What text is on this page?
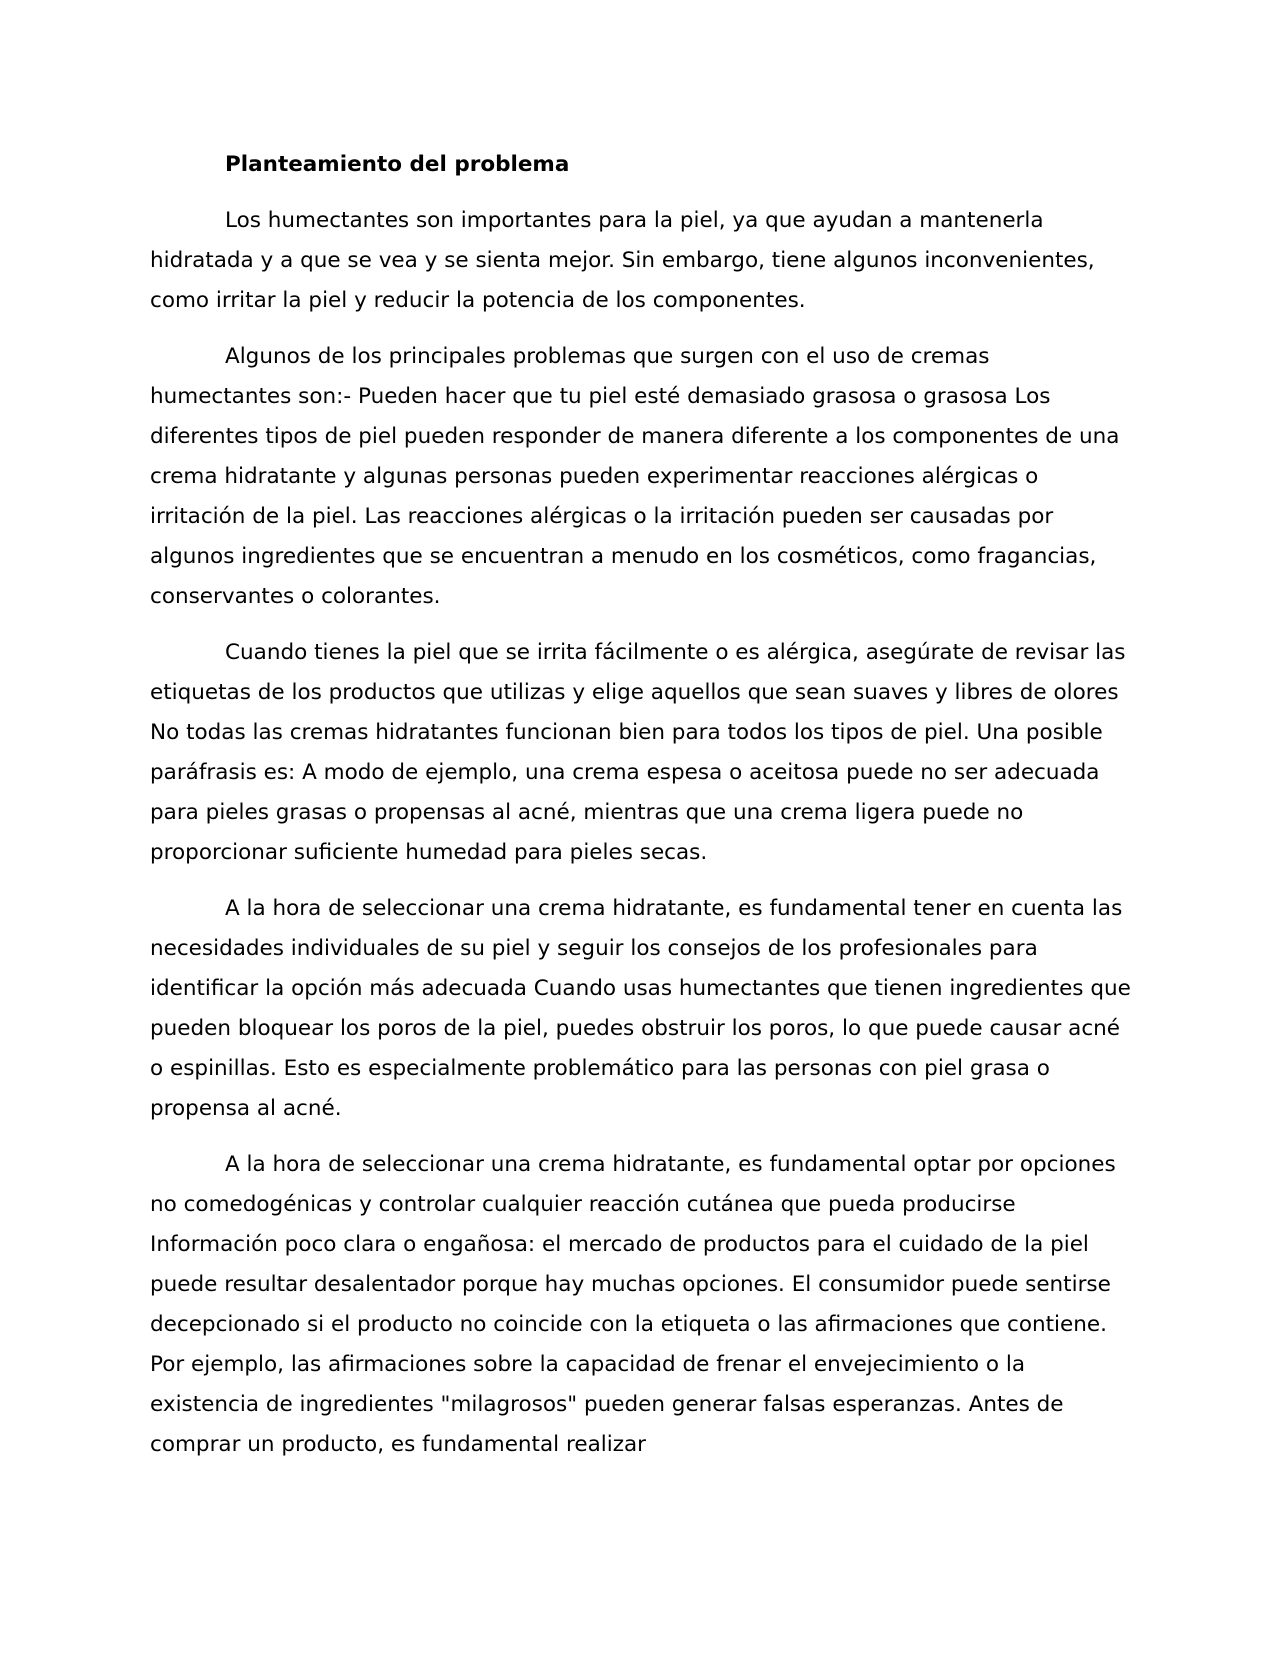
Planteamiento del problema

Los humectantes son importantes para la piel, ya que ayudan a mantenerla hidratada y a que se vea y se sienta mejor. Sin embargo, tiene algunos inconvenientes, como irritar la piel y reducir la potencia de los componentes.

Algunos de los principales problemas que surgen con el uso de cremas humectantes son:- Pueden hacer que tu piel esté demasiado grasosa o grasosa Los diferentes tipos de piel pueden responder de manera diferente a los componentes de una crema hidratante y algunas personas pueden experimentar reacciones alérgicas o irritación de la piel. Las reacciones alérgicas o la irritación pueden ser causadas por algunos ingredientes que se encuentran a menudo en los cosméticos, como fragancias, conservantes o colorantes.

Cuando tienes la piel que se irrita fácilmente o es alérgica, asegúrate de revisar las etiquetas de los productos que utilizas y elige aquellos que sean suaves y libres de olores No todas las cremas hidratantes funcionan bien para todos los tipos de piel. Una posible paráfrasis es: A modo de ejemplo, una crema espesa o aceitosa puede no ser adecuada para pieles grasas o propensas al acné, mientras que una crema ligera puede no proporcionar suficiente humedad para pieles secas.

A la hora de seleccionar una crema hidratante, es fundamental tener en cuenta las necesidades individuales de su piel y seguir los consejos de los profesionales para identificar la opción más adecuada Cuando usas humectantes que tienen ingredientes que pueden bloquear los poros de la piel, puedes obstruir los poros, lo que puede causar acné o espinillas. Esto es especialmente problemático para las personas con piel grasa o propensa al acné.

A la hora de seleccionar una crema hidratante, es fundamental optar por opciones no comedogénicas y controlar cualquier reacción cutánea que pueda producirse Información poco clara o engañosa: el mercado de productos para el cuidado de la piel puede resultar desalentador porque hay muchas opciones. El consumidor puede sentirse decepcionado si el producto no coincide con la etiqueta o las afirmaciones que contiene. Por ejemplo, las afirmaciones sobre la capacidad de frenar el envejecimiento o la existencia de ingredientes "milagrosos" pueden generar falsas esperanzas. Antes de comprar un producto, es fundamental realizar
